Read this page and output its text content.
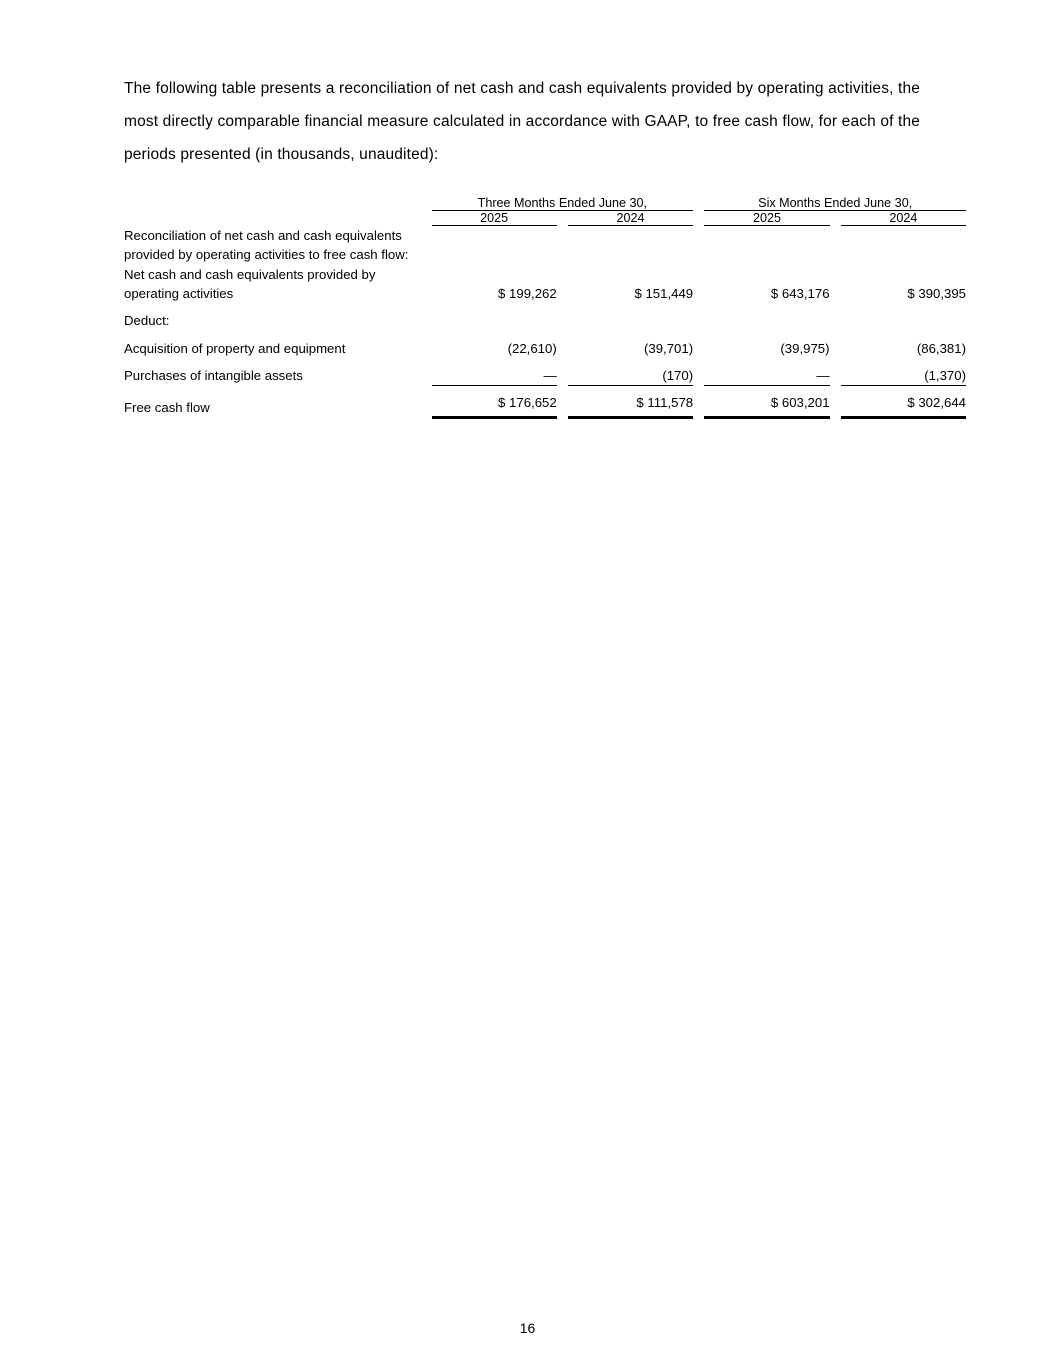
The following table presents a reconciliation of net cash and cash equivalents provided by operating activities, the most directly comparable financial measure calculated in accordance with GAAP, to free cash flow, for each of the periods presented (in thousands, unaudited):
	Three Months Ended June 30,				Six Months Ended June 30,		
	2025		2024		2025		2024
Reconciliation of net cash and cash equivalents provided by operating activities to free cash flow:							
Net cash and cash equivalents provided by operating activities	$ 199,262		$ 151,449		$ 643,176		$ 390,395
Deduct:							
Acquisition of property and equipment	(22,610)		(39,701)		(39,975)		(86,381)
Purchases of intangible assets	—		(170)		—		(1,370)
Free cash flow	$ 176,652		$ 111,578		$ 603,201		$ 302,644
16
